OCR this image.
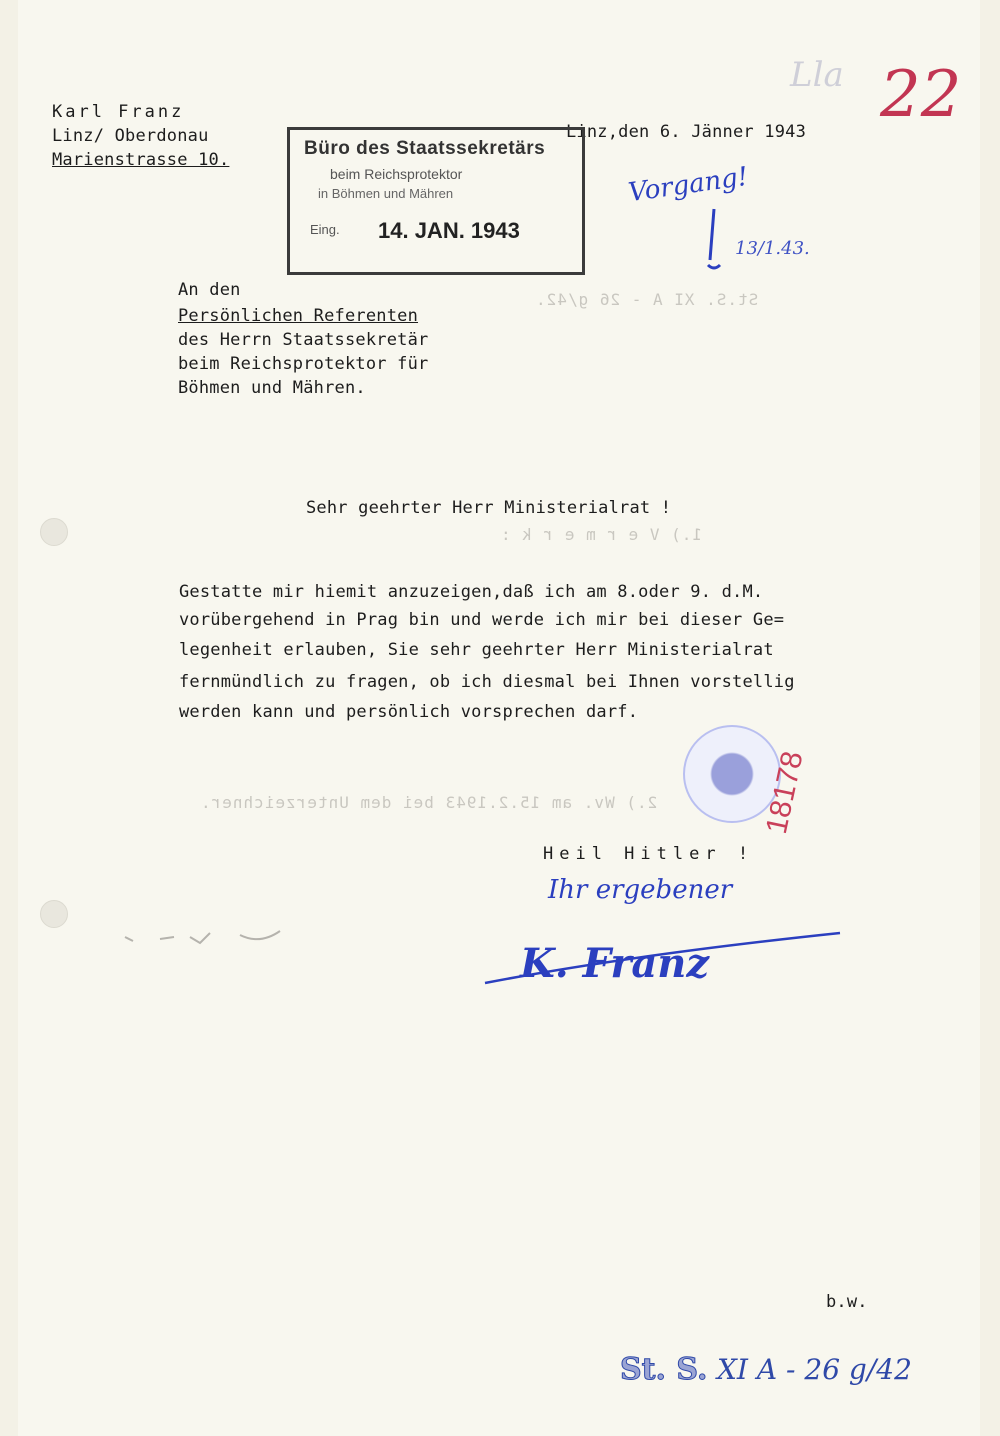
St.S. XI A - 26 g/42.
1.) V e r m e r k :
2.) Wv. am 15.2.1943 bei dem Unterzeichner.
Karl Franz
Linz/ Oberdonau
Marienstrasse 10.
Linz,den 6. Jänner 1943
Büro des Staatssekretärs
beim Reichsprotektor
in Böhmen und Mähren
Eing. 14. JAN. 1943
Lla 22
Vorgang!
13/1.43.
An den
Persönlichen Referenten
des Herrn Staatssekretär
beim Reichsprotektor für
Böhmen und Mähren.
Sehr geehrter Herr Ministerialrat !
Gestatte mir hiemit anzuzeigen,daß ich am 8.oder 9. d.M.
vorübergehend in Prag bin und werde ich mir bei dieser Ge=
legenheit erlauben, Sie sehr geehrter Herr Ministerialrat
fernmündlich zu fragen, ob ich diesmal bei Ihnen vorstellig
werden kann und persönlich vorsprechen darf.
18178
Heil Hitler !
Ihr ergebener
K. Franz
b.w.
St. S. XI A - 26 g/42
